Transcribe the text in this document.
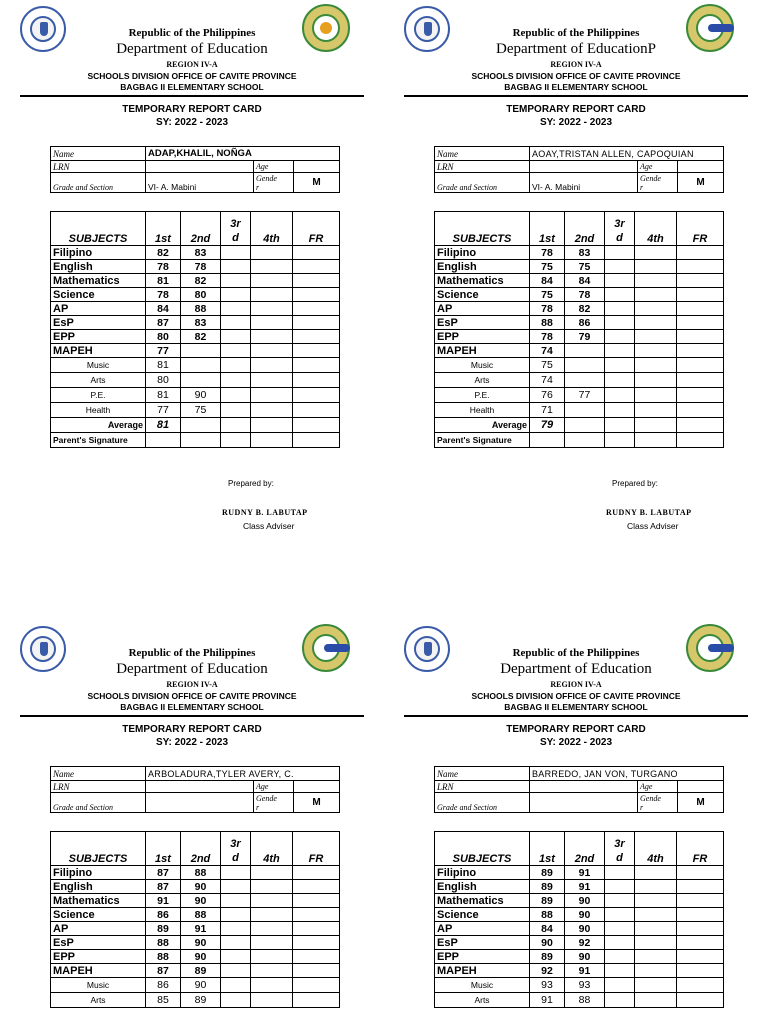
Republic of the Philippines
Department of Education
REGION IV-A
SCHOOLS DIVISION OFFICE OF CAVITE PROVINCE
BAGBAG II ELEMENTARY SCHOOL
TEMPORARY REPORT CARD
SY: 2022 - 2023
Name	ADAP,KHALIL, NOÑGA		
LRN		Age	
Grade and Section	VI- A. Mabini	Gende
r	M
SUBJECTS	1st	2nd	3r
d	4th	FR
Filipino	82	83			
English	78	78			
Mathematics	81	82			
Science	78	80			
AP	84	88			
EsP	87	83			
EPP	80	82			
MAPEH	77				
Music	81				
Arts	80				
P.E.	81	90			
Health	77	75			
Average	81				
Parent's Signature					
Prepared by:
RUDNY B. LABUTAP
Class Adviser
Republic of the Philippines
Department of EducationP
REGION IV-A
SCHOOLS DIVISION OFFICE OF CAVITE PROVINCE
BAGBAG II ELEMENTARY SCHOOL
TEMPORARY REPORT CARD
SY: 2022 - 2023
Name	AOAY,TRISTAN ALLEN, CAPOQUIAN		
LRN		Age	
Grade and Section	VI- A. Mabini	Gende
r	M
SUBJECTS	1st	2nd	3r
d	4th	FR
Filipino	78	83			
English	75	75			
Mathematics	84	84			
Science	75	78			
AP	78	82			
EsP	88	86			
EPP	78	79			
MAPEH	74				
Music	75				
Arts	74				
P.E.	76	77			
Health	71				
Average	79				
Parent's Signature					
Prepared by:
RUDNY B. LABUTAP
Class Adviser
Republic of the Philippines
Department of Education
REGION IV-A
SCHOOLS DIVISION OFFICE OF CAVITE PROVINCE
BAGBAG II ELEMENTARY SCHOOL
TEMPORARY REPORT CARD
SY: 2022 - 2023
Name	ARBOLADURA,TYLER AVERY, C.		
LRN		Age	
Grade and Section		Gende
r	M
SUBJECTS	1st	2nd	3r
d	4th	FR
Filipino	87	88			
English	87	90			
Mathematics	91	90			
Science	86	88			
AP	89	91			
EsP	88	90			
EPP	88	90			
MAPEH	87	89			
Music	86	90			
Arts	85	89			
Republic of the Philippines
Department of Education
REGION IV-A
SCHOOLS DIVISION OFFICE OF CAVITE PROVINCE
BAGBAG II ELEMENTARY SCHOOL
TEMPORARY REPORT CARD
SY: 2022 - 2023
Name	BARREDO, JAN VON, TURGANO		
LRN		Age	
Grade and Section		Gende
r	M
SUBJECTS	1st	2nd	3r
d	4th	FR
Filipino	89	91			
English	89	91			
Mathematics	89	90			
Science	88	90			
AP	84	90			
EsP	90	92			
EPP	89	90			
MAPEH	92	91			
Music	93	93			
Arts	91	88			
